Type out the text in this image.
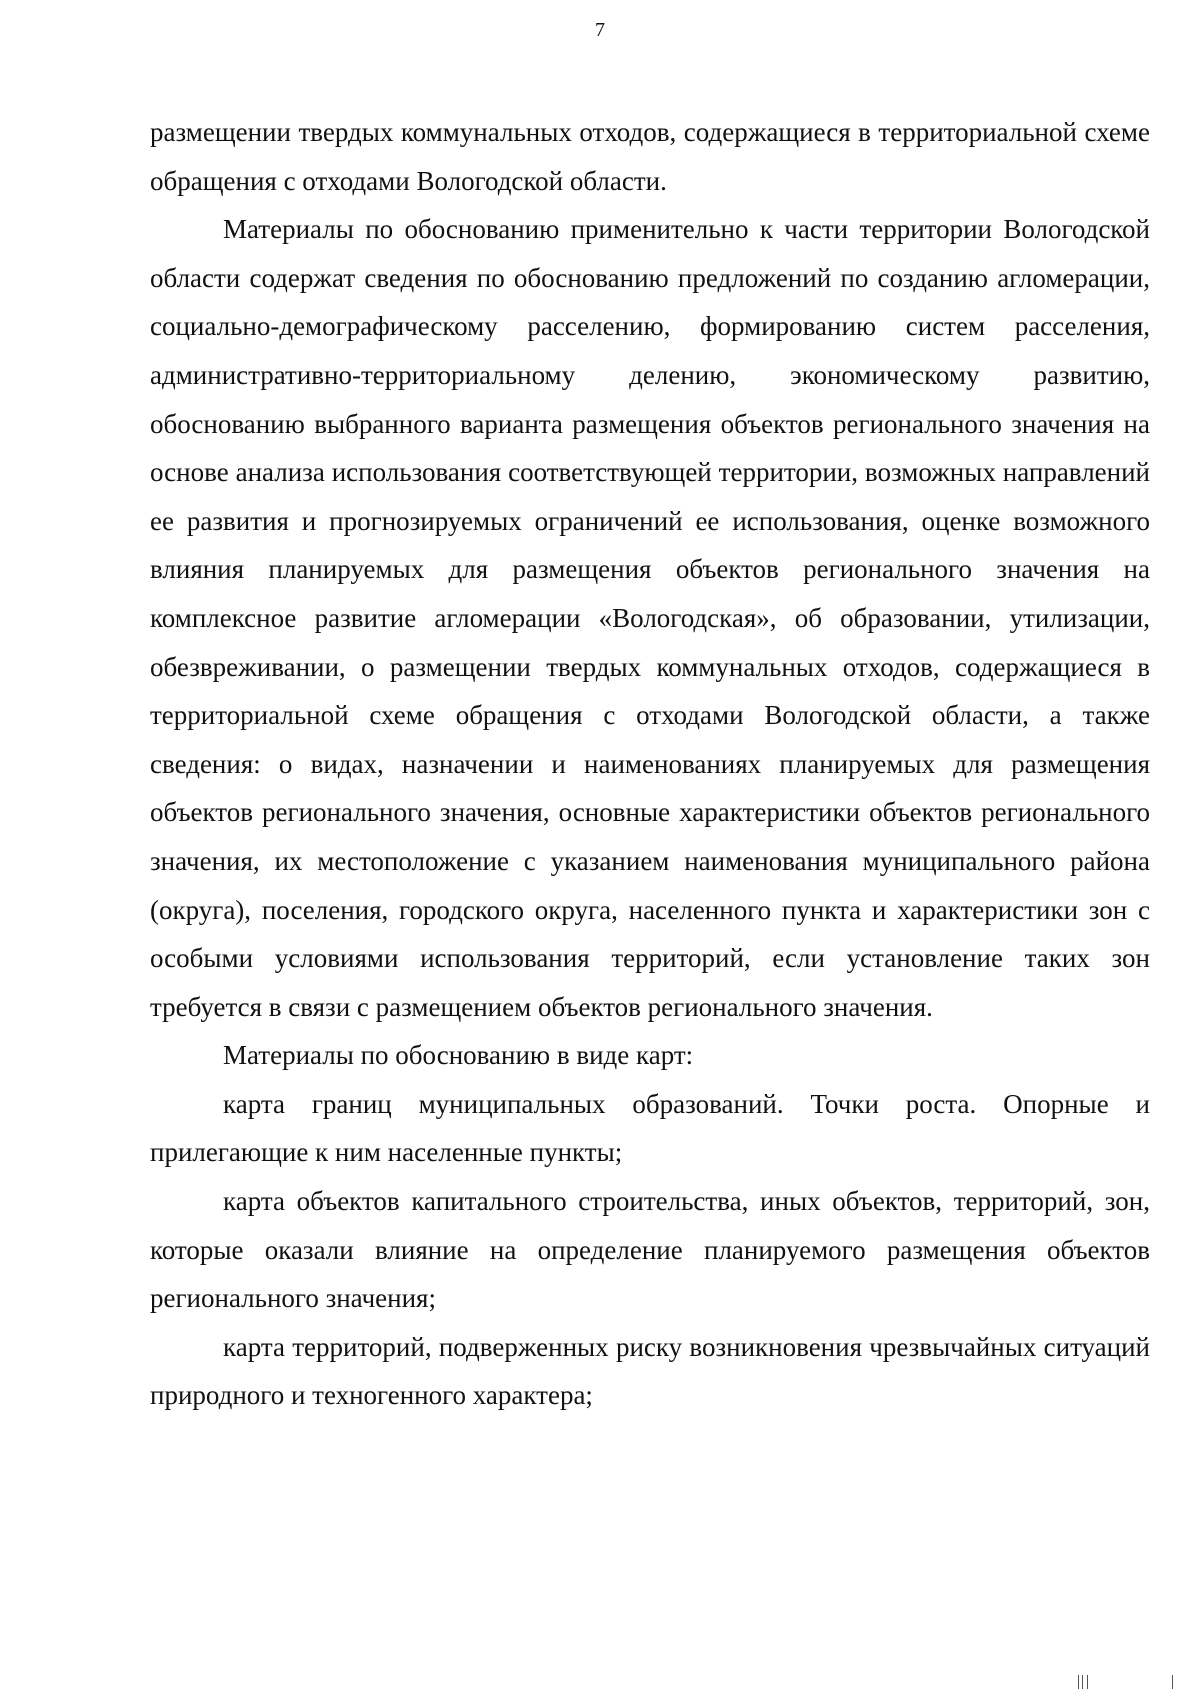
7

размещении твердых коммунальных отходов, содержащиеся в территориальной схеме обращения с отходами Вологодской области.

Материалы по обоснованию применительно к части территории Вологодской области содержат сведения по обоснованию предложений по созданию агломерации, социально-демографическому расселению, формированию систем расселения, административно-территориальному делению, экономическому развитию, обоснованию выбранного варианта размещения объектов регионального значения на основе анализа использования соответствующей территории, возможных направлений ее развития и прогнозируемых ограничений ее использования, оценке возможного влияния планируемых для размещения объектов регионального значения на комплексное развитие агломерации «Вологодская», об образовании, утилизации, обезвреживании, о размещении твердых коммунальных отходов, содержащиеся в территориальной схеме обращения с отходами Вологодской области, а также сведения: о видах, назначении и наименованиях планируемых для размещения объектов регионального значения, основные характеристики объектов регионального значения, их местоположение с указанием наименования муниципального района (округа), поселения, городского округа, населенного пункта и характеристики зон с особыми условиями использования территорий, если установление таких зон требуется в связи с размещением объектов регионального значения.

Материалы по обоснованию в виде карт:

карта границ муниципальных образований. Точки роста. Опорные и прилегающие к ним населенные пункты;

карта объектов капитального строительства, иных объектов, территорий, зон, которые оказали влияние на определение планируемого размещения объектов регионального значения;

карта территорий, подверженных риску возникновения чрезвычайных ситуаций природного и техногенного характера;
